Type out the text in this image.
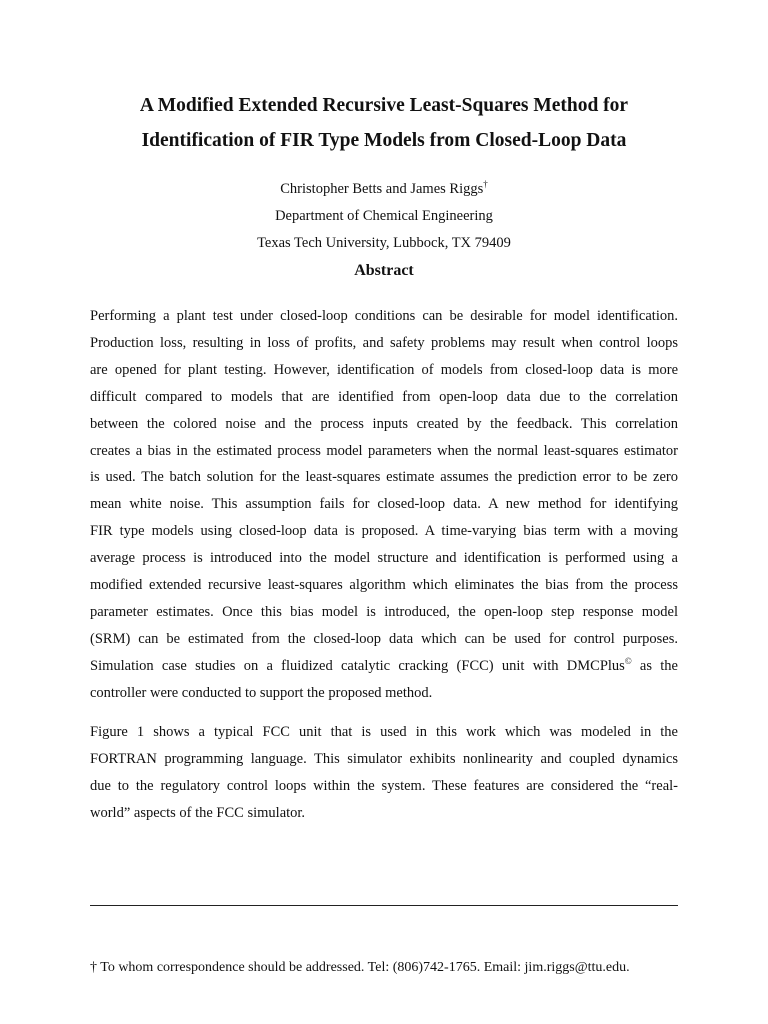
A Modified Extended Recursive Least-Squares Method for
Identification of FIR Type Models from Closed-Loop Data
Christopher Betts and James Riggs†
Department of Chemical Engineering
Texas Tech University, Lubbock, TX 79409
Abstract

Performing a plant test under closed-loop conditions can be desirable for model identification.
Production loss, resulting in loss of profits, and safety problems may result when control loops
are opened for plant testing. However, identification of models from closed-loop data is more
difficult compared to models that are identified from open-loop data due to the correlation
between the colored noise and the process inputs created by the feedback. This correlation
creates a bias in the estimated process model parameters when the normal least-squares estimator
is used. The batch solution for the least-squares estimate assumes the prediction error to be zero
mean white noise. This assumption fails for closed-loop data. A new method for identifying
FIR type models using closed-loop data is proposed. A time-varying bias term with a moving
average process is introduced into the model structure and identification is performed using a
modified extended recursive least-squares algorithm which eliminates the bias from the process
parameter estimates. Once this bias model is introduced, the open-loop step response model
(SRM) can be estimated from the closed-loop data which can be used for control purposes.
Simulation case studies on a fluidized catalytic cracking (FCC) unit with DMCPlus© as the
controller were conducted to support the proposed method.

Figure 1 shows a typical FCC unit that is used in this work which was modeled in the
FORTRAN programming language. This simulator exhibits nonlinearity and coupled dynamics
due to the regulatory control loops within the system. These features are considered the “real-
world” aspects of the FCC simulator.

† To whom correspondence should be addressed. Tel: (806)742-1765. Email: jim.riggs@ttu.edu.
